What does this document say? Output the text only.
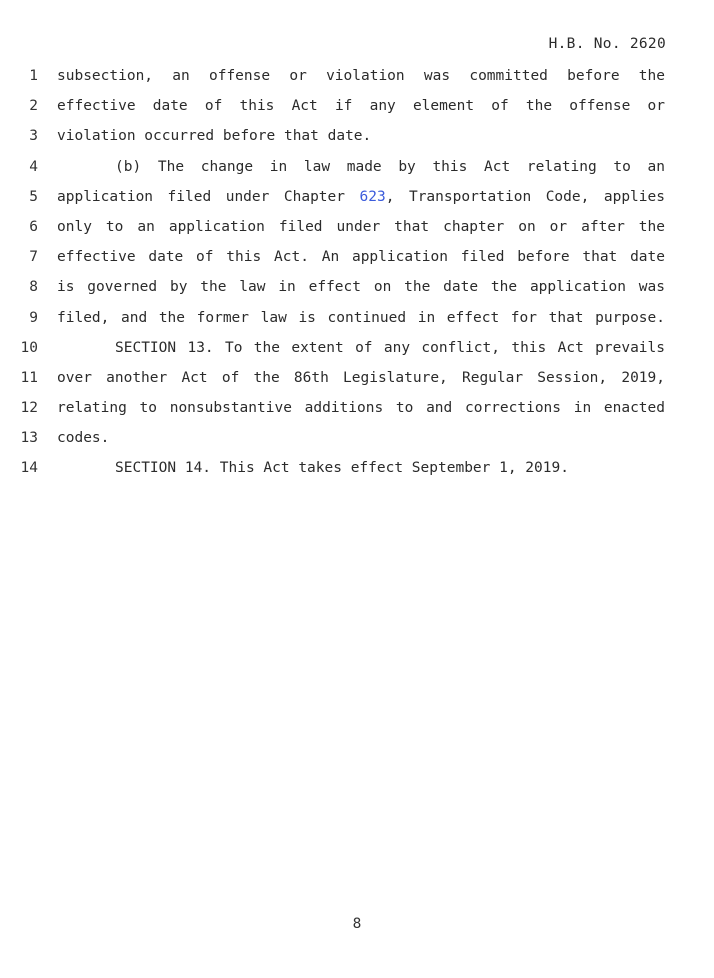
H.B. No. 2620
1 subsection, an offense or violation was committed before the
2 effective date of this Act if any element of the offense or
3 violation occurred before that date.
4	(b) The change in law made by this Act relating to an
5 application filed under Chapter 623, Transportation Code, applies
6 only to an application filed under that chapter on or after the
7 effective date of this Act. An application filed before that date
8 is governed by the law in effect on the date the application was
9 filed, and the former law is continued in effect for that purpose.
10	SECTION 13. To the extent of any conflict, this Act prevails
11 over another Act of the 86th Legislature, Regular Session, 2019,
12 relating to nonsubstantive additions to and corrections in enacted
13 codes.
14	SECTION 14. This Act takes effect September 1, 2019.
8
